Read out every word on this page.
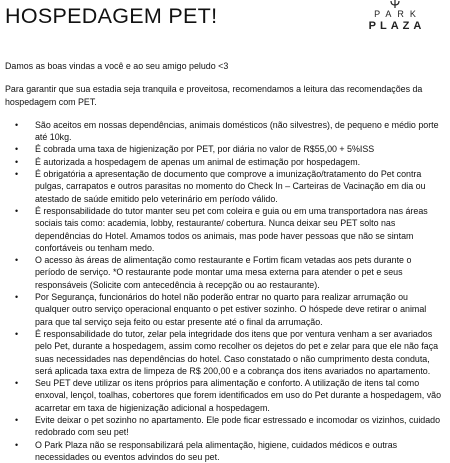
HOSPEDAGEM PET!	PARK
PLAZA

Damos as boas vindas a você e ao seu amigo peludo <3

Para garantir que sua estadia seja tranquila e proveitosa, recomendamos a leitura das recomendações da hospedagem com PET.

•	São aceitos em nossas dependências, animais domésticos (não silvestres), de pequeno e médio porte até 10kg.
•	É cobrada uma taxa de higienização por PET, por diária no valor de R$55,00 + 5%ISS
•	É autorizada a hospedagem de apenas um animal de estimação por hospedagem.
•	É obrigatória a apresentação de documento que comprove a imunização/tratamento do Pet contra pulgas, carrapatos e outros parasitas no momento do Check In – Carteiras de Vacinação em dia ou atestado de saúde emitido pelo veterinário em período válido.
•	É responsabilidade do tutor manter seu pet com coleira e guia ou em uma transportadora nas áreas sociais tais como: academia, lobby, restaurante/ cobertura. Nunca deixar seu PET solto nas dependências do Hotel. Amamos todos os animais, mas pode haver pessoas que não se sintam confortáveis ou tenham medo.
•	O acesso às áreas de alimentação como restaurante e Fortim ficam vetadas aos pets durante o período de serviço. *O restaurante pode montar uma mesa externa para atender o pet e seus responsáveis (Solicite com antecedência à recepção ou ao restaurante).
•	Por Segurança, funcionários do hotel não poderão entrar no quarto para realizar arrumação ou qualquer outro serviço operacional enquanto o pet estiver sozinho. O hóspede deve retirar o animal para que tal serviço seja feito ou estar presente até o final da arrumação.
•	É responsabilidade do tutor, zelar pela integridade dos itens que por ventura venham a ser avariados pelo Pet, durante a hospedagem, assim como recolher os dejetos do pet e zelar para que ele não faça suas necessidades nas dependências do hotel. Caso constatado o não cumprimento desta conduta, será aplicada taxa extra de limpeza de R$ 200,00 e a cobrança dos itens avariados no apartamento.
•	Seu PET deve utilizar os itens próprios para alimentação e conforto. A utilização de itens tal como enxoval, lençol, toalhas, cobertores que forem identificados em uso do Pet durante a hospedagem, vão acarretar em taxa de higienização adicional a hospedagem.
•	Evite deixar o pet sozinho no apartamento. Ele pode ficar estressado e incomodar os vizinhos, cuidado redobrado com seu pet!
•	O Park Plaza não se responsabilizará pela alimentação, higiene, cuidados médicos e outras necessidades ou eventos advindos do seu pet.
